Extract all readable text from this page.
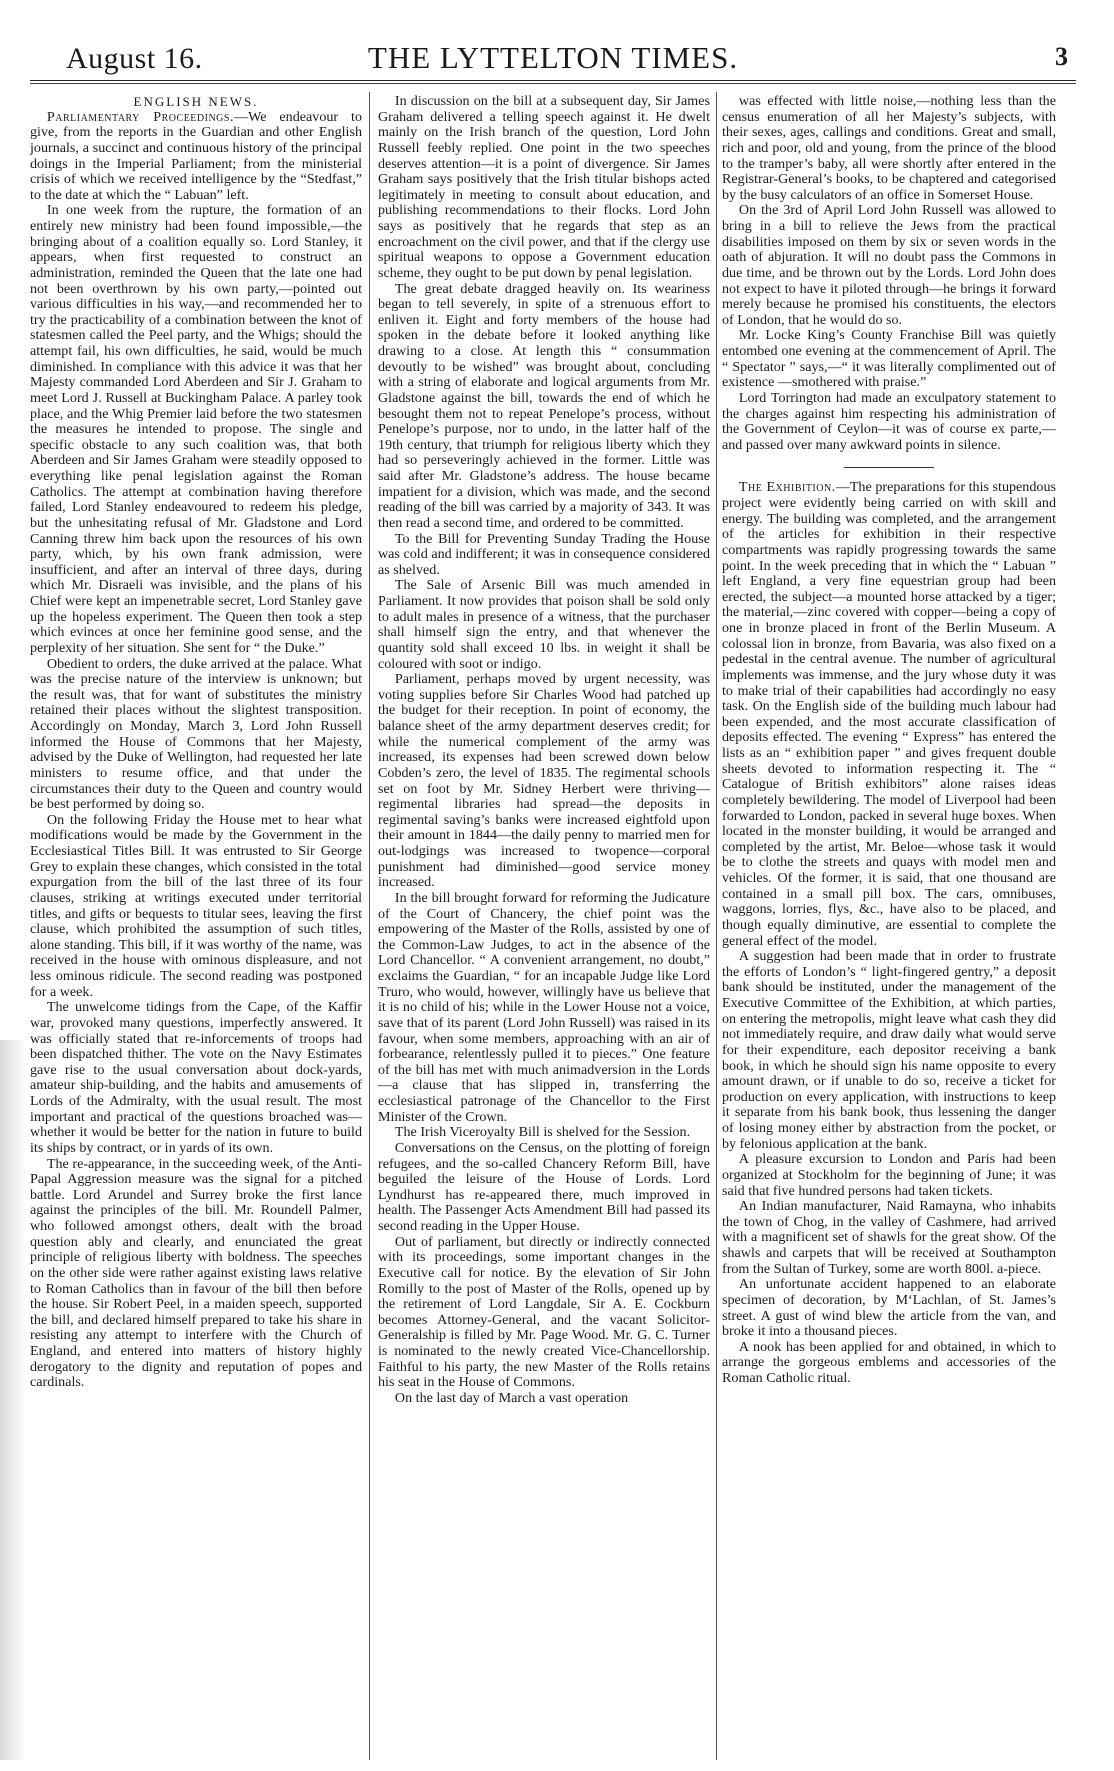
August 16.	THE LYTTELTON TIMES.	3

ENGLISH NEWS.

Parliamentary Proceedings.—We endeavour to give, from the reports in the Guardian and other English journals, a succinct and continuous history of the principal doings in the Imperial Parliament; from the ministerial crisis of which we received intelligence by the “Stedfast,” to the date at which the “ Labuan” left.

In one week from the rupture, the formation of an entirely new ministry had been found impossible,—the bringing about of a coalition equally so. Lord Stanley, it appears, when first requested to construct an administration, reminded the Queen that the late one had not been overthrown by his own party,—pointed out various difficulties in his way,—and recommended her to try the practicability of a combination between the knot of statesmen called the Peel party, and the Whigs; should the attempt fail, his own difficulties, he said, would be much diminished. In compliance with this advice it was that her Majesty commanded Lord Aberdeen and Sir J. Graham to meet Lord J. Russell at Buckingham Palace. A parley took place, and the Whig Premier laid before the two statesmen the measures he intended to propose. The single and specific obstacle to any such coalition was, that both Aberdeen and Sir James Graham were steadily opposed to everything like penal legislation against the Roman Catholics. The attempt at combination having therefore failed, Lord Stanley endeavoured to redeem his pledge, but the unhesitating refusal of Mr. Gladstone and Lord Canning threw him back upon the resources of his own party, which, by his own frank admission, were insufficient, and after an interval of three days, during which Mr. Disraeli was invisible, and the plans of his Chief were kept an impenetrable secret, Lord Stanley gave up the hopeless experiment. The Queen then took a step which evinces at once her feminine good sense, and the perplexity of her situation. She sent for “ the Duke.”

Obedient to orders, the duke arrived at the palace. What was the precise nature of the interview is unknown; but the result was, that for want of substitutes the ministry retained their places without the slightest transposition. Accordingly on Monday, March 3, Lord John Russell informed the House of Commons that her Majesty, advised by the Duke of Wellington, had requested her late ministers to resume office, and that under the circumstances their duty to the Queen and country would be best performed by doing so.

On the following Friday the House met to hear what modifications would be made by the Government in the Ecclesiastical Titles Bill. It was entrusted to Sir George Grey to explain these changes, which consisted in the total expurgation from the bill of the last three of its four clauses, striking at writings executed under territorial titles, and gifts or bequests to titular sees, leaving the first clause, which prohibited the assumption of such titles, alone standing. This bill, if it was worthy of the name, was received in the house with ominous displeasure, and not less ominous ridicule. The second reading was postponed for a week.

The unwelcome tidings from the Cape, of the Kaffir war, provoked many questions, imperfectly answered. It was officially stated that re-inforcements of troops had been dispatched thither. The vote on the Navy Estimates gave rise to the usual conversation about dock-yards, amateur ship-building, and the habits and amusements of Lords of the Admiralty, with the usual result. The most important and practical of the questions broached was—whether it would be better for the nation in future to build its ships by contract, or in yards of its own.

The re-appearance, in the succeeding week, of the Anti-Papal Aggression measure was the signal for a pitched battle. Lord Arundel and Surrey broke the first lance against the principles of the bill. Mr. Roundell Palmer, who followed amongst others, dealt with the broad question ably and clearly, and enunciated the great principle of religious liberty with boldness. The speeches on the other side were rather against existing laws relative to Roman Catholics than in favour of the bill then before the house. Sir Robert Peel, in a maiden speech, supported the bill, and declared himself prepared to take his share in resisting any attempt to interfere with the Church of England, and entered into matters of history highly derogatory to the dignity and reputation of popes and cardinals.

In discussion on the bill at a subsequent day, Sir James Graham delivered a telling speech against it. He dwelt mainly on the Irish branch of the question, Lord John Russell feebly replied. One point in the two speeches deserves attention—it is a point of divergence. Sir James Graham says positively that the Irish titular bishops acted legitimately in meeting to consult about education, and publishing recommendations to their flocks. Lord John says as positively that he regards that step as an encroachment on the civil power, and that if the clergy use spiritual weapons to oppose a Government education scheme, they ought to be put down by penal legislation.

The great debate dragged heavily on. Its weariness began to tell severely, in spite of a strenuous effort to enliven it. Eight and forty members of the house had spoken in the debate before it looked anything like drawing to a close. At length this “ consummation devoutly to be wished” was brought about, concluding with a string of elaborate and logical arguments from Mr. Gladstone against the bill, towards the end of which he besought them not to repeat Penelope’s process, without Penelope’s purpose, nor to undo, in the latter half of the 19th century, that triumph for religious liberty which they had so perseveringly achieved in the former. Little was said after Mr. Gladstone’s address. The house became impatient for a division, which was made, and the second reading of the bill was carried by a majority of 343. It was then read a second time, and ordered to be committed.

To the Bill for Preventing Sunday Trading the House was cold and indifferent; it was in consequence considered as shelved.

The Sale of Arsenic Bill was much amended in Parliament. It now provides that poison shall be sold only to adult males in presence of a witness, that the purchaser shall himself sign the entry, and that whenever the quantity sold shall exceed 10 lbs. in weight it shall be coloured with soot or indigo.

Parliament, perhaps moved by urgent necessity, was voting supplies before Sir Charles Wood had patched up the budget for their reception. In point of economy, the balance sheet of the army department deserves credit; for while the numerical complement of the army was increased, its expenses had been screwed down below Cobden’s zero, the level of 1835. The regimental schools set on foot by Mr. Sidney Herbert were thriving—regimental libraries had spread—the deposits in regimental saving’s banks were increased eightfold upon their amount in 1844—the daily penny to married men for out-lodgings was increased to twopence—corporal punishment had diminished—good service money increased.

In the bill brought forward for reforming the Judicature of the Court of Chancery, the chief point was the empowering of the Master of the Rolls, assisted by one of the Common-Law Judges, to act in the absence of the Lord Chancellor. “ A convenient arrangement, no doubt,” exclaims the Guardian, “ for an incapable Judge like Lord Truro, who would, however, willingly have us believe that it is no child of his; while in the Lower House not a voice, save that of its parent (Lord John Russell) was raised in its favour, when some members, approaching with an air of forbearance, relentlessly pulled it to pieces.” One feature of the bill has met with much animadversion in the Lords—a clause that has slipped in, transferring the ecclesiastical patronage of the Chancellor to the First Minister of the Crown.

The Irish Viceroyalty Bill is shelved for the Session.

Conversations on the Census, on the plotting of foreign refugees, and the so-called Chancery Reform Bill, have beguiled the leisure of the House of Lords. Lord Lyndhurst has re-appeared there, much improved in health. The Passenger Acts Amendment Bill had passed its second reading in the Upper House.

Out of parliament, but directly or indirectly connected with its proceedings, some important changes in the Executive call for notice. By the elevation of Sir John Romilly to the post of Master of the Rolls, opened up by the retirement of Lord Langdale, Sir A. E. Cockburn becomes Attorney-General, and the vacant Solicitor-Generalship is filled by Mr. Page Wood. Mr. G. C. Turner is nominated to the newly created Vice-Chancellorship. Faithful to his party, the new Master of the Rolls retains his seat in the House of Commons.

On the last day of March a vast operation

was effected with little noise,—nothing less than the census enumeration of all her Majesty’s subjects, with their sexes, ages, callings and conditions. Great and small, rich and poor, old and young, from the prince of the blood to the tramper’s baby, all were shortly after entered in the Registrar-General’s books, to be chaptered and categorised by the busy calculators of an office in Somerset House.

On the 3rd of April Lord John Russell was allowed to bring in a bill to relieve the Jews from the practical disabilities imposed on them by six or seven words in the oath of abjuration. It will no doubt pass the Commons in due time, and be thrown out by the Lords. Lord John does not expect to have it piloted through—he brings it forward merely because he promised his constituents, the electors of London, that he would do so.

Mr. Locke King’s County Franchise Bill was quietly entombed one evening at the commencement of April. The “ Spectator ” says,—“ it was literally complimented out of existence —smothered with praise.”

Lord Torrington had made an exculpatory statement to the charges against him respecting his administration of the Government of Ceylon—it was of course ex parte,—and passed over many awkward points in silence.

The Exhibition.—The preparations for this stupendous project were evidently being carried on with skill and energy. The building was completed, and the arrangement of the articles for exhibition in their respective compartments was rapidly progressing towards the same point. In the week preceding that in which the “ Labuan ” left England, a very fine equestrian group had been erected, the subject—a mounted horse attacked by a tiger; the material,—zinc covered with copper—being a copy of one in bronze placed in front of the Berlin Museum. A colossal lion in bronze, from Bavaria, was also fixed on a pedestal in the central avenue. The number of agricultural implements was immense, and the jury whose duty it was to make trial of their capabilities had accordingly no easy task. On the English side of the building much labour had been expended, and the most accurate classification of deposits effected. The evening “ Express” has entered the lists as an “ exhibition paper ” and gives frequent double sheets devoted to information respecting it. The “ Catalogue of British exhibitors” alone raises ideas completely bewildering. The model of Liverpool had been forwarded to London, packed in several huge boxes. When located in the monster building, it would be arranged and completed by the artist, Mr. Beloe—whose task it would be to clothe the streets and quays with model men and vehicles. Of the former, it is said, that one thousand are contained in a small pill box. The cars, omnibuses, waggons, lorries, flys, &c., have also to be placed, and though equally diminutive, are essential to complete the general effect of the model.

A suggestion had been made that in order to frustrate the efforts of London’s “ light-fingered gentry,” a deposit bank should be instituted, under the management of the Executive Committee of the Exhibition, at which parties, on entering the metropolis, might leave what cash they did not immediately require, and draw daily what would serve for their expenditure, each depositor receiving a bank book, in which he should sign his name opposite to every amount drawn, or if unable to do so, receive a ticket for production on every application, with instructions to keep it separate from his bank book, thus lessening the danger of losing money either by abstraction from the pocket, or by felonious application at the bank.

A pleasure excursion to London and Paris had been organized at Stockholm for the beginning of June; it was said that five hundred persons had taken tickets.

An Indian manufacturer, Naid Ramayna, who inhabits the town of Chog, in the valley of Cashmere, had arrived with a magnificent set of shawls for the great show. Of the shawls and carpets that will be received at Southampton from the Sultan of Turkey, some are worth 800l. a-piece.

An unfortunate accident happened to an elaborate specimen of decoration, by M‘Lachlan, of St. James’s street. A gust of wind blew the article from the van, and broke it into a thousand pieces.

A nook has been applied for and obtained, in which to arrange the gorgeous emblems and accessories of the Roman Catholic ritual.
